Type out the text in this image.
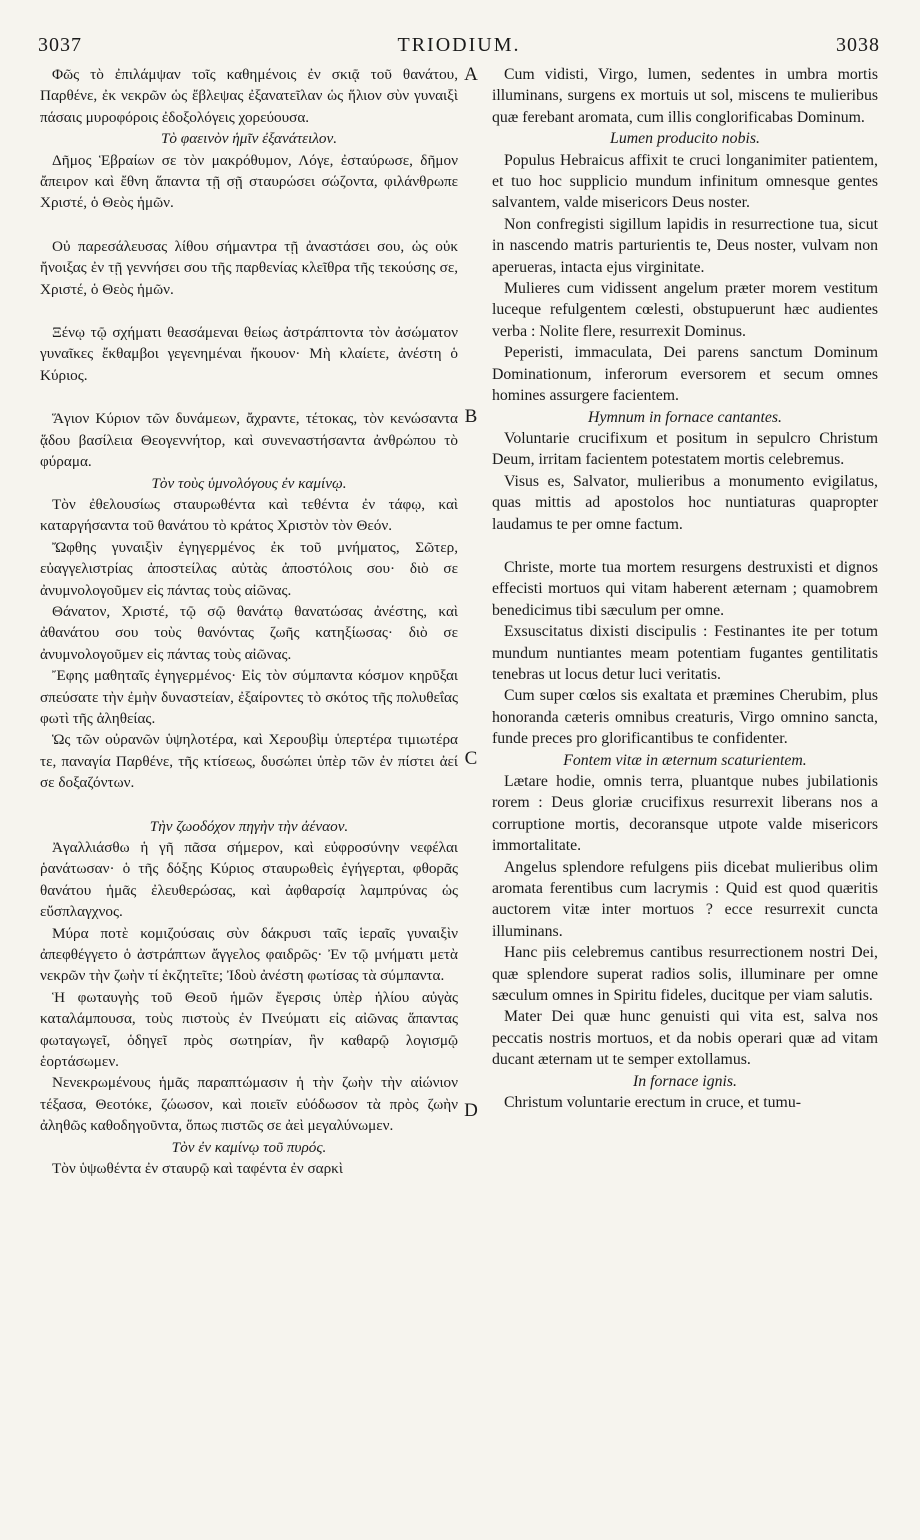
3037	TRIODIUM.	3038

Φῶς τὸ ἐπιλάμψαν τοῖς καθημένοις ἐν σκιᾷ τοῦ θανάτου, Παρθένε, ἐκ νεκρῶν ὡς ἔβλεψας ἐξανατεῖλαν ὡς ἥλιον σὺν γυναιξὶ πάσαις μυροφόροις ἐδοξολόγεις χορεύουσα.

Τὸ φαεινὸν ἡμῖν ἐξανάτειλον.

Δῆμος Ἑβραίων σε τὸν μακρόθυμον, Λόγε, ἐσταύρωσε, δῆμον ἄπειρον καὶ ἔθνη ἅπαντα τῇ σῇ σταυρώσει σώζοντα, φιλάνθρωπε Χριστέ, ὁ Θεὸς ἡμῶν.

Οὐ παρεσάλευσας λίθου σήμαντρα τῇ ἀναστάσει σου, ὡς οὐκ ἤνοιξας ἐν τῇ γεννήσει σου τῆς παρθενίας κλεῖθρα τῆς τεκούσης σε, Χριστέ, ὁ Θεὸς ἡμῶν.

Ξένῳ τῷ σχήματι θεασάμεναι θείως ἀστράπτοντα τὸν ἀσώματον γυναῖκες ἔκθαμβοι γεγενημέναι ἤκουον· Μὴ κλαίετε, ἀνέστη ὁ Κύριος.

Ἅγιον Κύριον τῶν δυνάμεων, ἄχραντε, τέτοκας, τὸν κενώσαντα ᾅδου βασίλεια Θεογεννήτορ, καὶ συνεναστήσαντα ἀνθρώπου τὸ φύραμα.

Τὸν τοὺς ὑμνολόγους ἐν καμίνῳ.

Τὸν ἐθελουσίως σταυρωθέντα καὶ τεθέντα ἐν τάφῳ, καὶ καταργήσαντα τοῦ θανάτου τὸ κράτος Χριστὸν τὸν Θεόν.

Ὤφθης γυναιξὶν ἐγηγερμένος ἐκ τοῦ μνήματος, Σῶτερ, εὐαγγελιστρίας ἀποστείλας αὐτὰς ἀποστόλοις σου· διὸ σε ἀνυμνολογοῦμεν εἰς πάντας τοὺς αἰῶνας.

Θάνατον, Χριστέ, τῷ σῷ θανάτῳ θανατώσας ἀνέστης, καὶ ἀθανάτου σου τοὺς θανόντας ζωῆς κατηξίωσας· διὸ σε ἀνυμνολογοῦμεν εἰς πάντας τοὺς αἰῶνας.

Ἔφης μαθηταῖς ἐγηγερμένος· Εἰς τὸν σύμπαντα κόσμον κηρῦξαι σπεύσατε τὴν ἐμὴν δυναστείαν, ἐξαίροντες τὸ σκότος τῆς πολυθεΐας φωτὶ τῆς ἀληθείας.

Ὡς τῶν οὐρανῶν ὑψηλοτέρα, καὶ Χερουβὶμ ὑπερτέρα τιμιωτέρα τε, παναγία Παρθένε, τῆς κτίσεως, δυσώπει ὑπὲρ τῶν ἐν πίστει ἀεί σε δοξαζόντων.

Τὴν ζωοδόχον πηγὴν τὴν ἀέναον.

Ἀγαλλιάσθω ἡ γῆ πᾶσα σήμερον, καὶ εὐφροσύνην νεφέλαι ῥανάτωσαν· ὁ τῆς δόξης Κύριος σταυρωθεὶς ἐγήγερται, φθορᾶς θανάτου ἡμᾶς ἐλευθερώσας, καὶ ἀφθαρσίᾳ λαμπρύνας ὡς εὔσπλαγχνος.

Μύρα ποτὲ κομιζούσαις σὺν δάκρυσι ταῖς ἱεραῖς γυναιξὶν ἀπεφθέγγετο ὁ ἀστράπτων ἄγγελος φαιδρῶς· Ἐν τῷ μνήματι μετὰ νεκρῶν τὴν ζωὴν τί ἐκζητεῖτε; Ἰδοὺ ἀνέστη φωτίσας τὰ σύμπαντα.

Ἡ φωταυγὴς τοῦ Θεοῦ ἡμῶν ἔγερσις ὑπὲρ ἡλίου αὐγὰς καταλάμπουσα, τοὺς πιστοὺς ἐν Πνεύματι εἰς αἰῶνας ἅπαντας φωταγωγεῖ, ὁδηγεῖ πρὸς σωτηρίαν, ἣν καθαρῷ λογισμῷ ἑορτάσωμεν.

Νενεκρωμένους ἡμᾶς παραπτώμασιν ἡ τὴν ζωὴν τὴν αἰώνιον τέξασα, Θεοτόκε, ζώωσον, καὶ ποιεῖν εὐόδωσον τὰ πρὸς ζωὴν ἀληθῶς καθοδηγοῦντα, ὅπως πιστῶς σε ἀεὶ μεγαλύνωμεν.

Τὸν ἐν καμίνῳ τοῦ πυρός.

Τὸν ὑψωθέντα ἐν σταυρῷ καὶ ταφέντα ἐν σαρκὶ

Cum vidisti, Virgo, lumen, sedentes in umbra mortis illuminans, surgens ex mortuis ut sol, miscens te mulieribus quæ ferebant aromata, cum illis conglorificabas Dominum.

Lumen producito nobis.

Populus Hebraicus affixit te cruci longanimiter patientem, et tuo hoc supplicio mundum infinitum omnesque gentes salvantem, valde misericors Deus noster.

Non confregisti sigillum lapidis in resurrectione tua, sicut in nascendo matris parturientis te, Deus noster, vulvam non aperueras, intacta ejus virginitate.

Mulieres cum vidissent angelum præter morem vestitum luceque refulgentem cœlesti, obstupuerunt hæc audientes verba : Nolite flere, resurrexit Dominus.

Peperisti, immaculata, Dei parens sanctum Dominum Dominationum, inferorum eversorem et secum omnes homines assurgere facientem.

Hymnum in fornace cantantes.

Voluntarie crucifixum et positum in sepulcro Christum Deum, irritam facientem potestatem mortis celebremus.

Visus es, Salvator, mulieribus a monumento evigilatus, quas mittis ad apostolos hoc nuntiaturas quapropter laudamus te per omne factum.

Christe, morte tua mortem resurgens destruxisti et dignos effecisti mortuos qui vitam haberent æternam ; quamobrem benedicimus tibi sæculum per omne.

Exsuscitatus dixisti discipulis : Festinantes ite per totum mundum nuntiantes meam potentiam fugantes gentilitatis tenebras ut locus detur luci veritatis.

Cum super cœlos sis exaltata et præmines Cherubim, plus honoranda cæteris omnibus creaturis, Virgo omnino sancta, funde preces pro glorificantibus te confidenter.

Fontem vitæ in æternum scaturientem.

Lætare hodie, omnis terra, pluantque nubes jubilationis rorem : Deus gloriæ crucifixus resurrexit liberans nos a corruptione mortis, decoransque utpote valde misericors immortalitate.

Angelus splendore refulgens piis dicebat mulieribus olim aromata ferentibus cum lacrymis : Quid est quod quæritis auctorem vitæ inter mortuos ? ecce resurrexit cuncta illuminans.

Hanc piis celebremus cantibus resurrectionem nostri Dei, quæ splendore superat radios solis, illuminare per omne sæculum omnes in Spiritu fideles, ducitque per viam salutis.

Mater Dei quæ hunc genuisti qui vita est, salva nos peccatis nostris mortuos, et da nobis operari quæ ad vitam ducant æternam ut te semper extollamus.

In fornace ignis.

Christum voluntarie erectum in cruce, et tumu-

A
B
C
D
